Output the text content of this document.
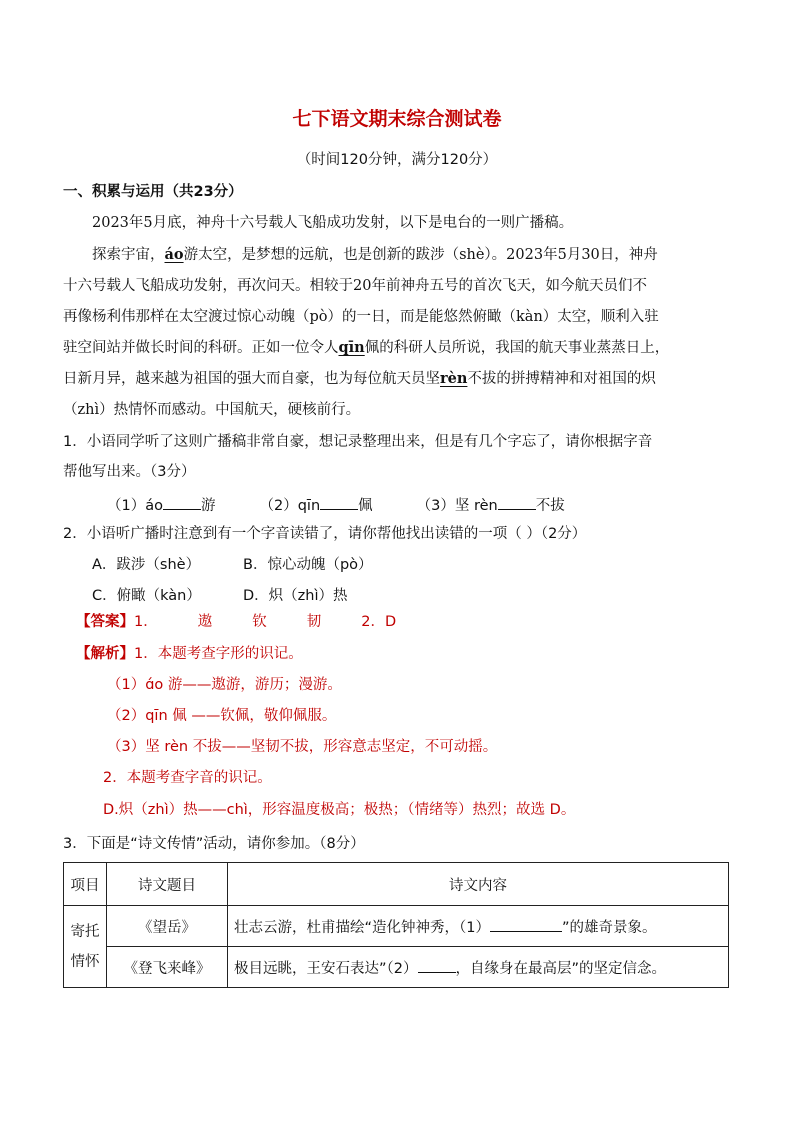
七下语文期末综合测试卷
（时间120分钟，满分120分）
一、积累与运用（共23分）
2023年5月底，神舟十六号载人飞船成功发射，以下是电台的一则广播稿。
探索宇宙，áo游太空，是梦想的远航，也是创新的跋涉（shè）。2023年5月30日，神舟
十六号载人飞船成功发射，再次问天。相较于20年前神舟五号的首次飞天，如今航天员们不
再像杨利伟那样在太空渡过惊心动魄（pò）的一日，而是能悠然俯瞰（kàn）太空，顺利入驻
驻空间站并做长时间的科研。正如一位令人qīn佩的科研人员所说，我国的航天事业蒸蒸日上，
日新月异，越来越为祖国的强大而自豪，也为每位航天员坚rèn不拔的拼搏精神和对祖国的炽
（zhì）热情怀而感动。中国航天，硬核前行。
1．小语同学听了这则广播稿非常自豪，想记录整理出来，但是有几个字忘了，请你根据字音
帮他写出来。（3分）
（1）áo	游	（2）qīn	佩	（3）坚 rèn	不拔
2．小语听广播时注意到有一个字音读错了，请你帮他找出读错的一项（ ）（2分）
A．跋涉（shè）	B．惊心动魄（pò）
C．俯瞰（kàn）	D．炽（zhì）热
【答案】1．	遨	钦	韧	2．D
【解析】1．本题考查字形的识记。
（1）ɑ́o 游——遨游，游历；漫游。
（2）qīn 佩 ——钦佩，敬仰佩服。
（3）坚 rèn 不拔——坚韧不拔，形容意志坚定，不可动摇。
2．本题考查字音的识记。
D.炽（zhì）热——chì，形容温度极高；极热；（情绪等）热烈；故选 D。
3．下面是“诗文传情”活动，请你参加。（8分）
项目	诗文题目	诗文内容

寄托
情怀	《望岳》	壮志云游，杜甫描绘“造化钟神秀，（1） ”的雄奇景象。
	《登飞来峰》	极目远眺，王安石表达”（2） ，自缘身在最高层”的坚定信念。
